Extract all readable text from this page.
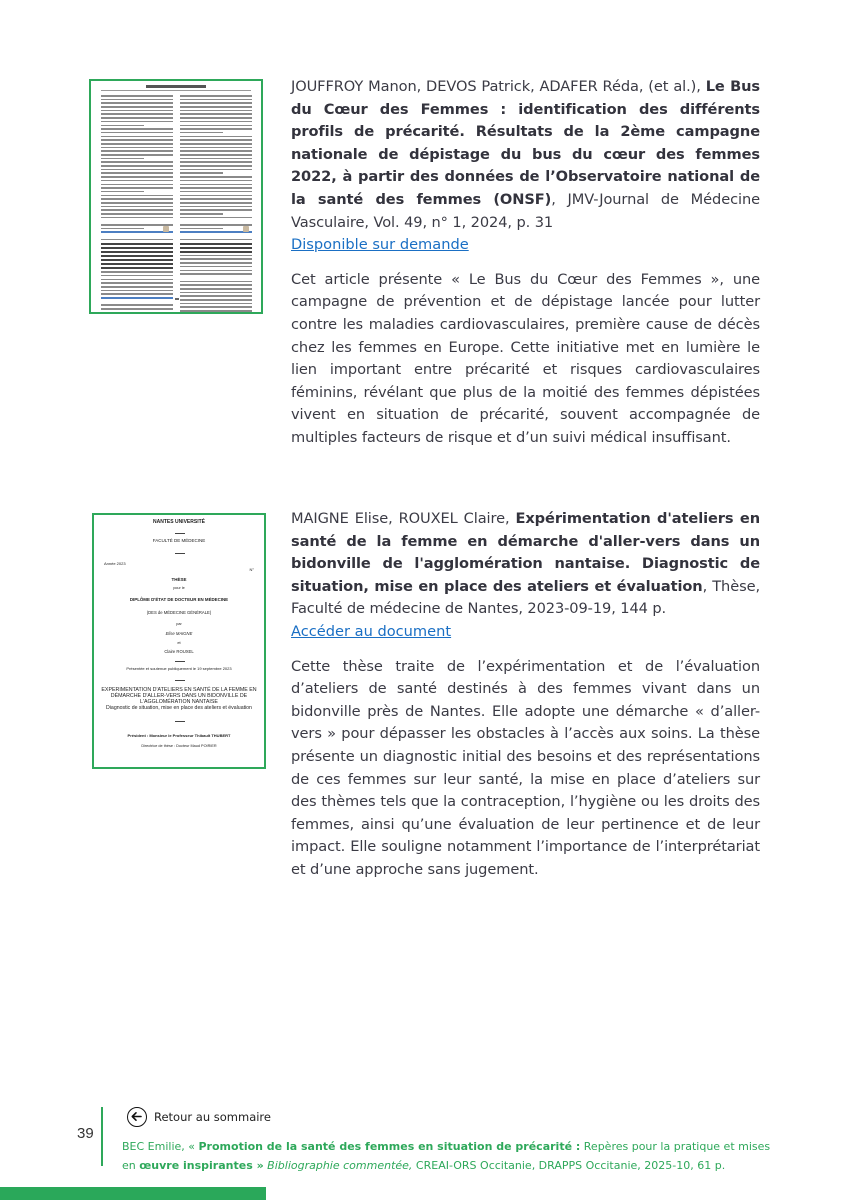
NANTES UNIVERSITÉ
FACULTÉ DE MÉDECINE
Année 2023
N°
THÈSE
pour le
DIPLÔME D'ÉTAT DE DOCTEUR EN MÉDECINE
(DES de MÉDECINE GÉNÉRALE)
par
Elise MAIGNE
et
Claire ROUXEL
Présentée et soutenue publiquement le 19 septembre 2023
EXPERIMENTATION D'ATELIERS EN SANTÉ DE LA FEMME EN
DÉMARCHE D'ALLER-VERS DANS UN BIDONVILLE DE
L'AGGLOMÉRATION NANTAISE
Diagnostic de situation, mise en place des ateliers et évaluation
Président : Monsieur le Professeur Thibault THUBERT
Directrice de thèse : Docteur Maud POIRIER

JOUFFROY Manon, DEVOS Patrick, ADAFER Réda, (et al.), Le Bus du Cœur des Femmes : identification des différents profils de précarité. Résultats de la 2ème campagne nationale de dépistage du bus du cœur des femmes 2022, à partir des données de l’Observatoire national de la santé des femmes (ONSF), JMV-Journal de Médecine Vasculaire, Vol. 49, n° 1, 2024, p. 31

Disponible sur demande

Cet article présente « Le Bus du Cœur des Femmes », une campagne de prévention et de dépistage lancée pour lutter contre les maladies cardiovasculaires, première cause de décès chez les femmes en Europe. Cette initiative met en lumière le lien important entre précarité et risques cardiovasculaires féminins, révélant que plus de la moitié des femmes dépistées vivent en situation de précarité, souvent accompagnée de multiples facteurs de risque et d’un suivi médical insuffisant.

MAIGNE Elise, ROUXEL Claire, Expérimentation d'ateliers en santé de la femme en démarche d'aller-vers dans un bidonville de l'agglomération nantaise. Diagnostic de situation, mise en place des ateliers et évaluation, Thèse, Faculté de médecine de Nantes, 2023-09-19, 144 p.

Accéder au document

Cette thèse traite de l’expérimentation et de l’évaluation d’ateliers de santé destinés à des femmes vivant dans un bidonville près de Nantes. Elle adopte une démarche « d’aller-vers » pour dépasser les obstacles à l’accès aux soins. La thèse présente un diagnostic initial des besoins et des représentations de ces femmes sur leur santé, la mise en place d’ateliers sur des thèmes tels que la contraception, l’hygiène ou les droits des femmes, ainsi qu’une évaluation de leur pertinence et de leur impact. Elle souligne notamment l’importance de l’interprétariat et d’une approche sans jugement.

39
Retour au sommaire
BEC Emilie, « Promotion de la santé des femmes en situation de précarité : Repères pour la pratique et mises en œuvre inspirantes » Bibliographie commentée, CREAI-ORS Occitanie, DRAPPS Occitanie, 2025-10, 61 p.
